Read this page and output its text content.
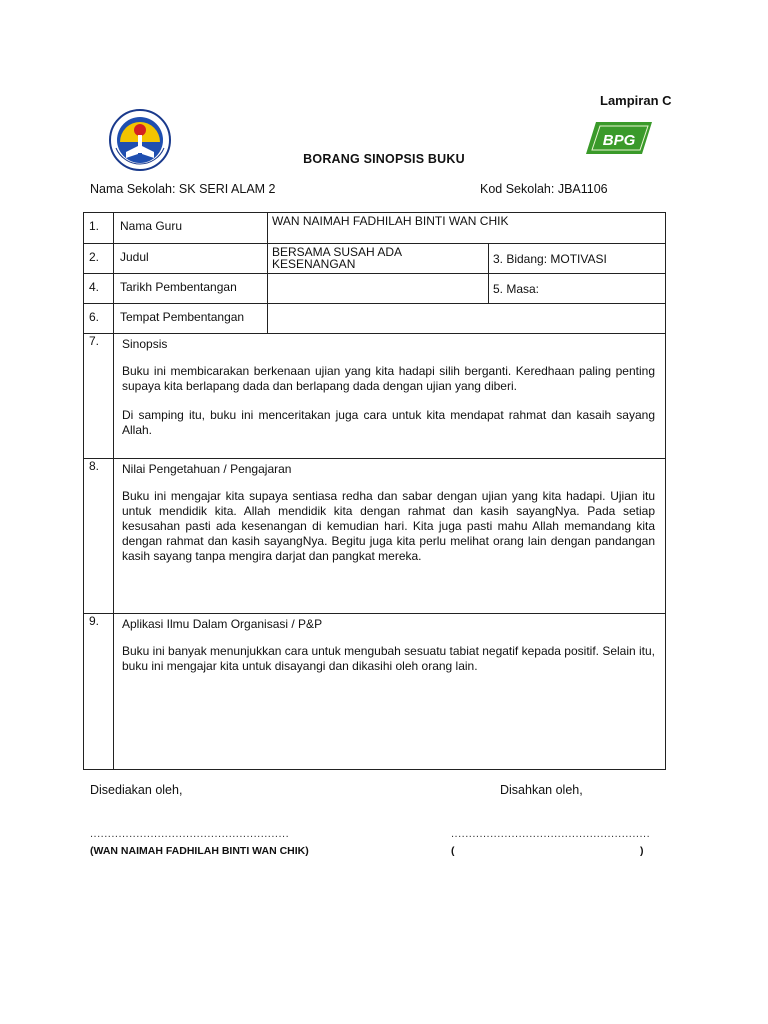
Lampiran C
BPG
BORANG SINOPSIS BUKU
Nama Sekolah: SK SERI ALAM 2	Kod Sekolah: JBA1106
1.	Nama Guru	WAN NAIMAH FADHILAH BINTI WAN CHIK	
2.	Judul	BERSAMA SUSAH ADA KESENANGAN	3. Bidang: MOTIVASI
4.	Tarikh Pembentangan		5. Masa:
6.	Tempat Pembentangan		
7.	Sinopsis
Buku ini membicarakan berkenaan ujian yang kita hadapi silih berganti. Keredhaan paling penting supaya kita berlapang dada dan berlapang dada dengan ujian yang diberi.
Di samping itu, buku ini menceritakan juga cara untuk kita mendapat rahmat dan kasaih sayang Allah.		

8.	Nilai Pengetahuan / Pengajaran
Buku ini mengajar kita supaya sentiasa redha dan sabar dengan ujian yang kita hadapi. Ujian itu untuk mendidik kita. Allah mendidik kita dengan rahmat dan kasih sayangNya. Pada setiap kesusahan pasti ada kesenangan di kemudian hari. Kita juga pasti mahu Allah memandang kita dengan rahmat dan kasih sayangNya. Begitu juga kita perlu melihat orang lain dengan pandangan kasih sayang tanpa mengira darjat dan pangkat mereka.		

9.	Aplikasi Ilmu Dalam Organisasi / P&P
Buku ini banyak menunjukkan cara untuk mengubah sesuatu tabiat negatif kepada positif. Selain itu, buku ini mengajar kita untuk disayangi dan dikasihi oleh orang lain.		
Disediakan oleh,	Disahkan oleh,
........................................................	........................................................
(WAN NAIMAH FADHILAH BINTI WAN CHIK)	(	)
